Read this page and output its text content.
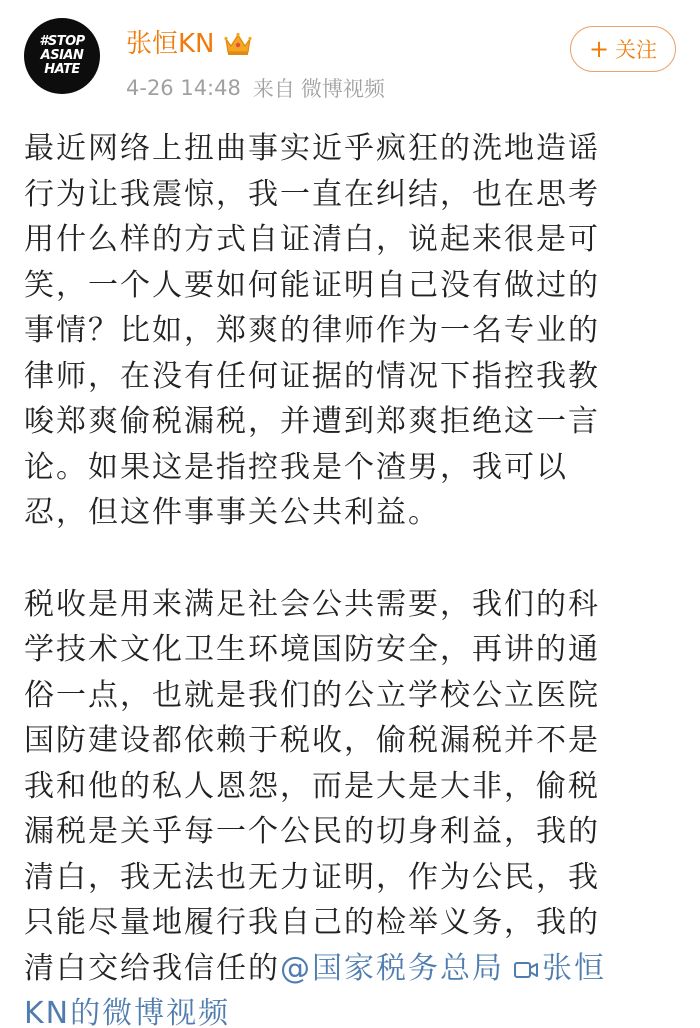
#STOP
ASIAN
HATE
张恒KN
4-26 14:48 来自 微博视频
+ 关注
最近网络上扭曲事实近乎疯狂的洗地造谣
行为让我震惊，我一直在纠结，也在思考
用什么样的方式自证清白，说起来很是可
笑，一个人要如何能证明自己没有做过的
事情？比如，郑爽的律师作为一名专业的
律师，在没有任何证据的情况下指控我教
唆郑爽偷税漏税，并遭到郑爽拒绝这一言
论。如果这是指控我是个渣男，我可以
忍，但这件事事关公共利益。
税收是用来满足社会公共需要，我们的科
学技术文化卫生环境国防安全，再讲的通
俗一点，也就是我们的公立学校公立医院
国防建设都依赖于税收，偷税漏税并不是
我和他的私人恩怨，而是大是大非，偷税
漏税是关乎每一个公民的切身利益，我的
清白，我无法也无力证明，作为公民，我
只能尽量地履行我自己的检举义务，我的
清白交给我信任的@国家税务总局 张恒
KN的微博视频
